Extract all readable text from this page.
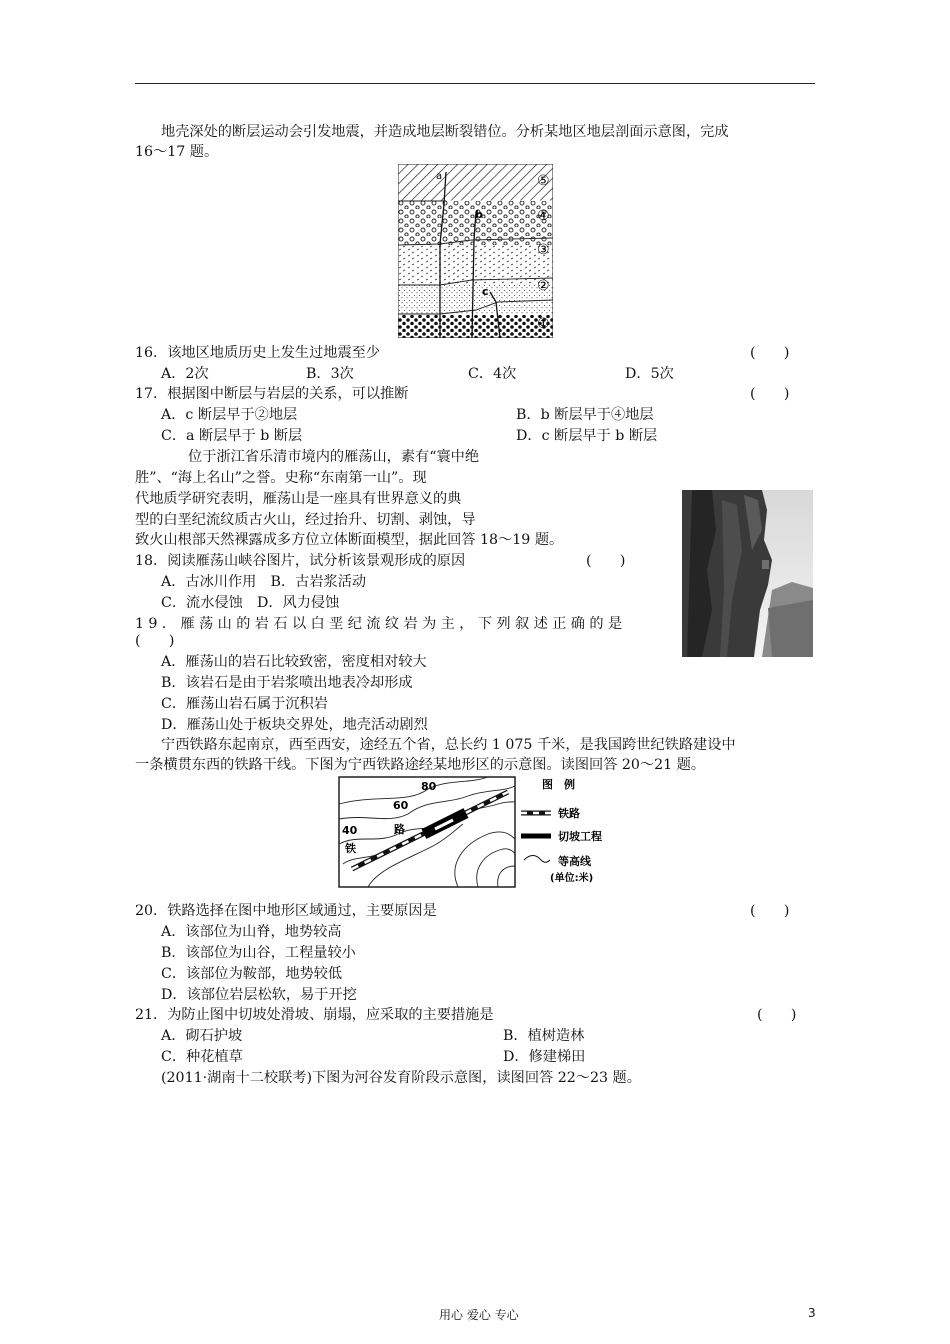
地壳深处的断层运动会引发地震，并造成地层断裂错位。分析某地区地层剖面示意图，完成
16～17 题。
a
b
c
⑤
④
③
②
①
16．该地区地质历史上发生过地震至少	(　　)
A．2次	B．3次	C．4次	D．5次
17．根据图中断层与岩层的关系，可以推断	(　　)
A．c 断层早于②地层	B．b 断层早于④地层
C．a 断层早于 b 断层	D．c 断层早于 b 断层
位于浙江省乐清市境内的雁荡山，素有“寰中绝
胜”、“海上名山”之誉。史称“东南第一山”。现
代地质学研究表明，雁荡山是一座具有世界意义的典
型的白垩纪流纹质古火山，经过抬升、切割、剥蚀，导
致火山根部天然裸露成多方位立体断面模型，据此回答 18～19 题。
18．阅读雁荡山峡谷图片，试分析该景观形成的原因	(　　)
A．古冰川作用　B．古岩浆活动
C．流水侵蚀　D．风力侵蚀
19．雁荡山的岩石以白垩纪流纹岩为主，下列叙述正确的是
(　　)
A．雁荡山的岩石比较致密，密度相对较大
B．该岩石是由于岩浆喷出地表冷却形成
C．雁荡山岩石属于沉积岩
D．雁荡山处于板块交界处，地壳活动剧烈
宁西铁路东起南京，西至西安，途经五个省，总长约 1 075 千米，是我国跨世纪铁路建设中
一条横贯东西的铁路干线。下图为宁西铁路途经某地形区的示意图。读图回答 20～21 题。
80
60
40
铁
路
图　例
铁路
切坡工程
等高线
(单位:米)
20．铁路选择在图中地形区域通过，主要原因是	(　　)
A．该部位为山脊，地势较高
B．该部位为山谷，工程量较小
C．该部位为鞍部，地势较低
D．该部位岩层松软，易于开挖
21．为防止图中切坡处滑坡、崩塌，应采取的主要措施是	(　　)
A．砌石护坡	B．植树造林
C．种花植草	D．修建梯田
(2011·湖南十二校联考)下图为河谷发育阶段示意图，读图回答 22～23 题。
用心 爱心 专心	3
